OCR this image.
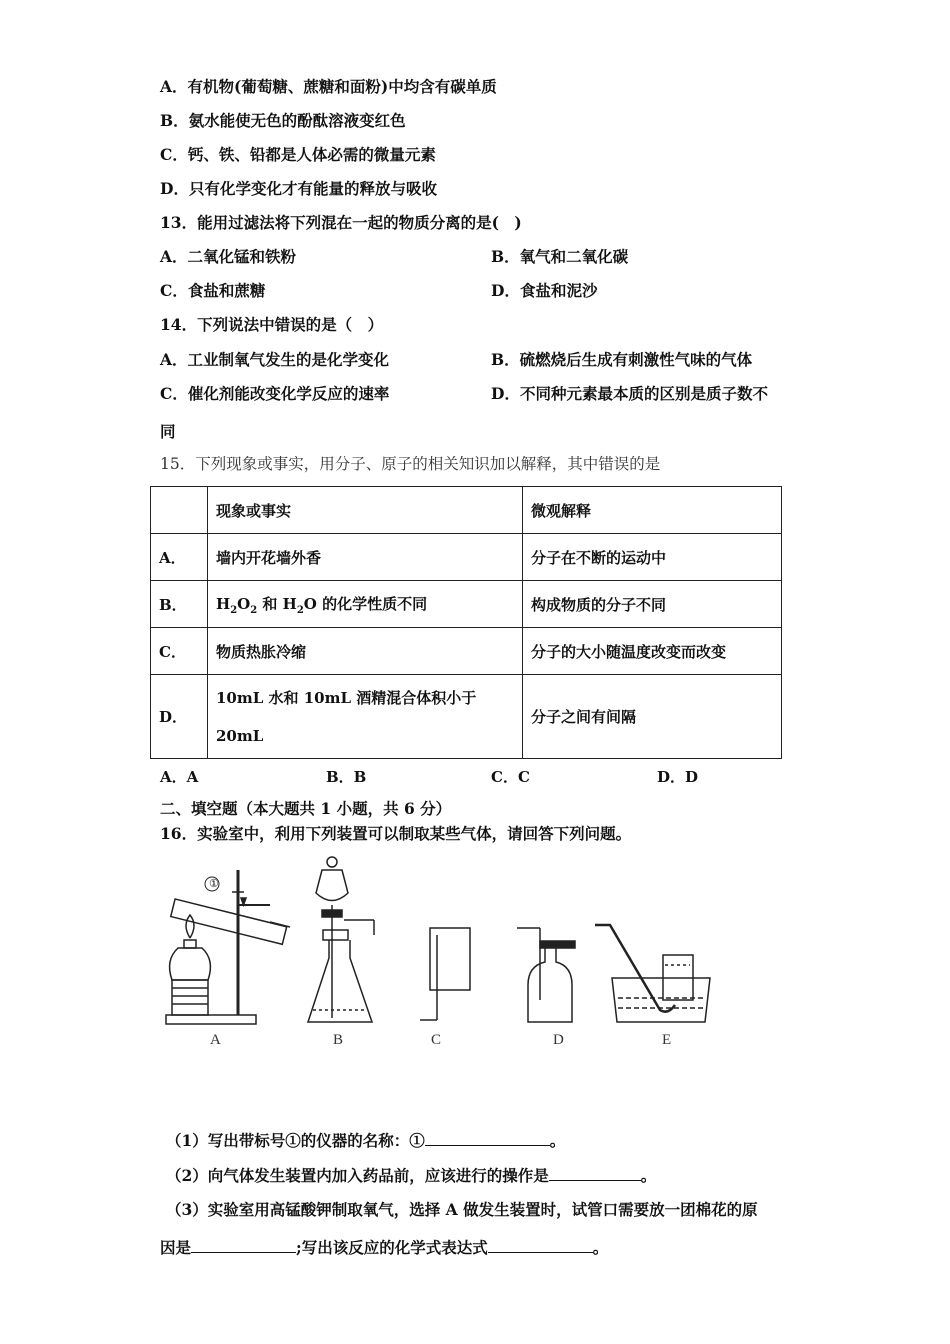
A．有机物(葡萄糖、蔗糖和面粉)中均含有碳单质
B．氨水能使无色的酚酞溶液变红色
C．钙、铁、铅都是人体必需的微量元素
D．只有化学变化才有能量的释放与吸收
13．能用过滤法将下列混在一起的物质分离的是(　)
A．二氧化锰和铁粉	B．氧气和二氧化碳
C．食盐和蔗糖	D．食盐和泥沙
14．下列说法中错误的是（　）
A．工业制氧气发生的是化学变化	B．硫燃烧后生成有刺激性气味的气体
C．催化剂能改变化学反应的速率	D．不同种元素最本质的区别是质子数不
同
15．下列现象或事实，用分子、原子的相关知识加以解释，其中错误的是
	现象或事实	微观解释
A．	墙内开花墙外香	分子在不断的运动中
B．	$H_2O_2$ 和 $H_2O$ 的化学性质不同	构成物质的分子不同
C．	物质热胀冷缩	分子的大小随温度改变而改变
D．	10mL 水和 10mL 酒精混合体积小于
20mL	分子之间有间隔
A．A	B．B	C．C	D．D
二、填空题（本大题共 1 小题，共 6 分）
16．实验室中，利用下列装置可以制取某些气体，请回答下列问题。
①
A	B	C	D	E
（1）写出带标号①的仪器的名称：①	。
（2）向气体发生装置内加入药品前，应该进行的操作是	。
（3）实验室用高锰酸钾制取氧气，选择 A 做发生装置时，试管口需要放一团棉花的原
因是	;写出该反应的化学式表达式	。
